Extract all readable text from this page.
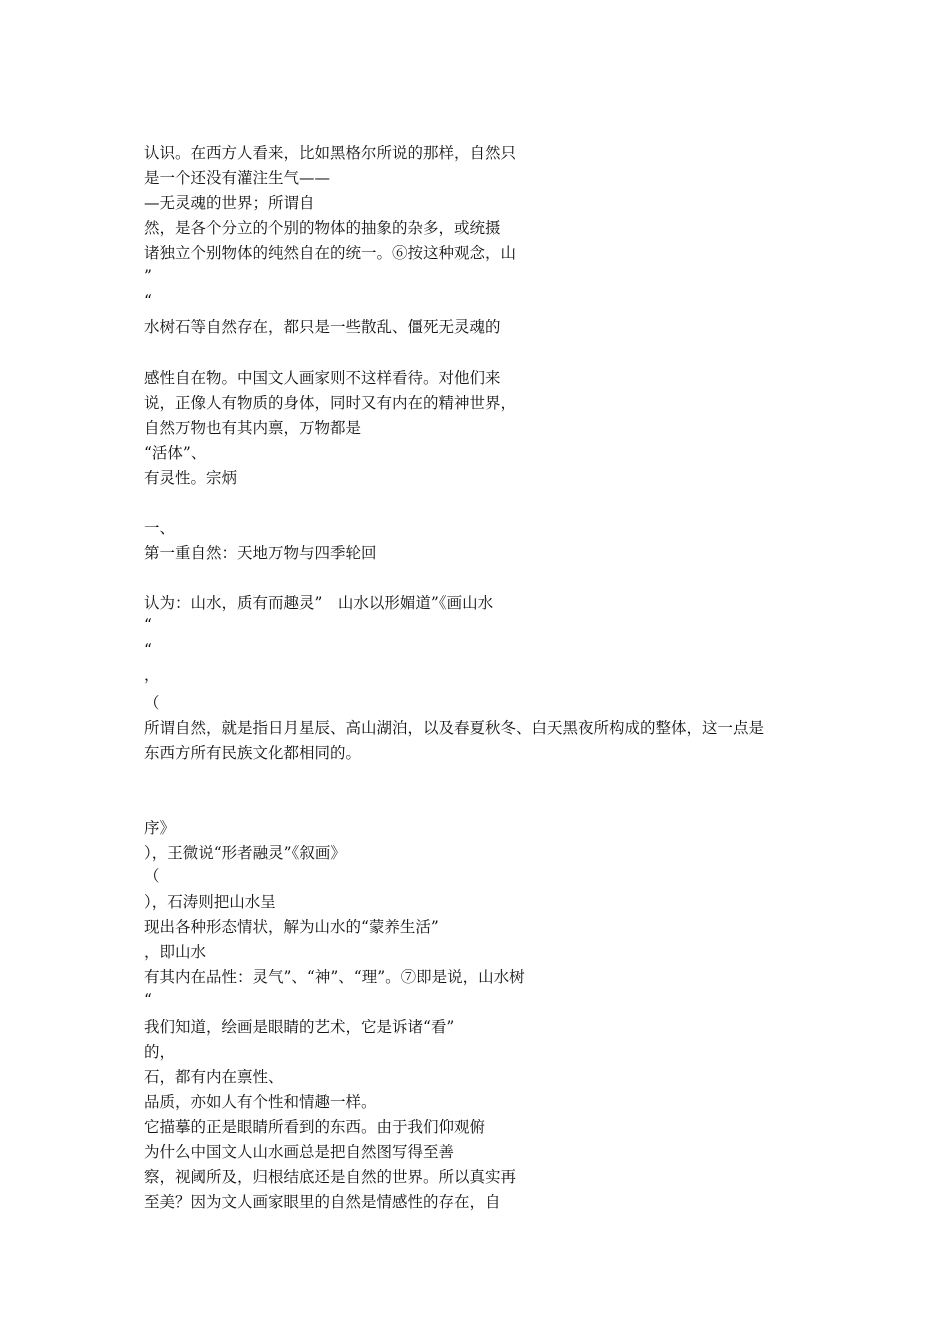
认识。在西方人看来，比如黑格尔所说的那样，自然只
是一个还没有灌注生气——
—无灵魂的世界；所谓自
然，是各个分立的个别的物体的抽象的杂多，或统摄
诸独立个别物体的纯然自在的统一。⑥按这种观念，山
”
“
水树石等自然存在，都只是一些散乱、僵死无灵魂的
感性自在物。中国文人画家则不这样看待。对他们来
说，正像人有物质的身体，同时又有内在的精神世界，
自然万物也有其内禀，万物都是
“活体”、
有灵性。宗炳
一、
第一重自然：天地万物与四季轮回
认为：山水，质有而趣灵”　山水以形媚道”《画山水
“
“
，
（
所谓自然，就是指日月星辰、高山湖泊，以及春夏秋冬、白天黑夜所构成的整体，这一点是
东西方所有民族文化都相同的。
序》
），王微说“形者融灵”《叙画》
（
），石涛则把山水呈
现出各种形态情状，解为山水的“蒙养生活”
，即山水
有其内在品性：灵气”、“神”、“理”。⑦即是说，山水树
“
我们知道，绘画是眼睛的艺术，它是诉诸“看”
的，
石，都有内在禀性、
品质，亦如人有个性和情趣一样。
它描摹的正是眼睛所看到的东西。由于我们仰观俯
为什么中国文人山水画总是把自然图写得至善
察，视阈所及，归根结底还是自然的世界。所以真实再
至美？因为文人画家眼里的自然是情感性的存在，自
